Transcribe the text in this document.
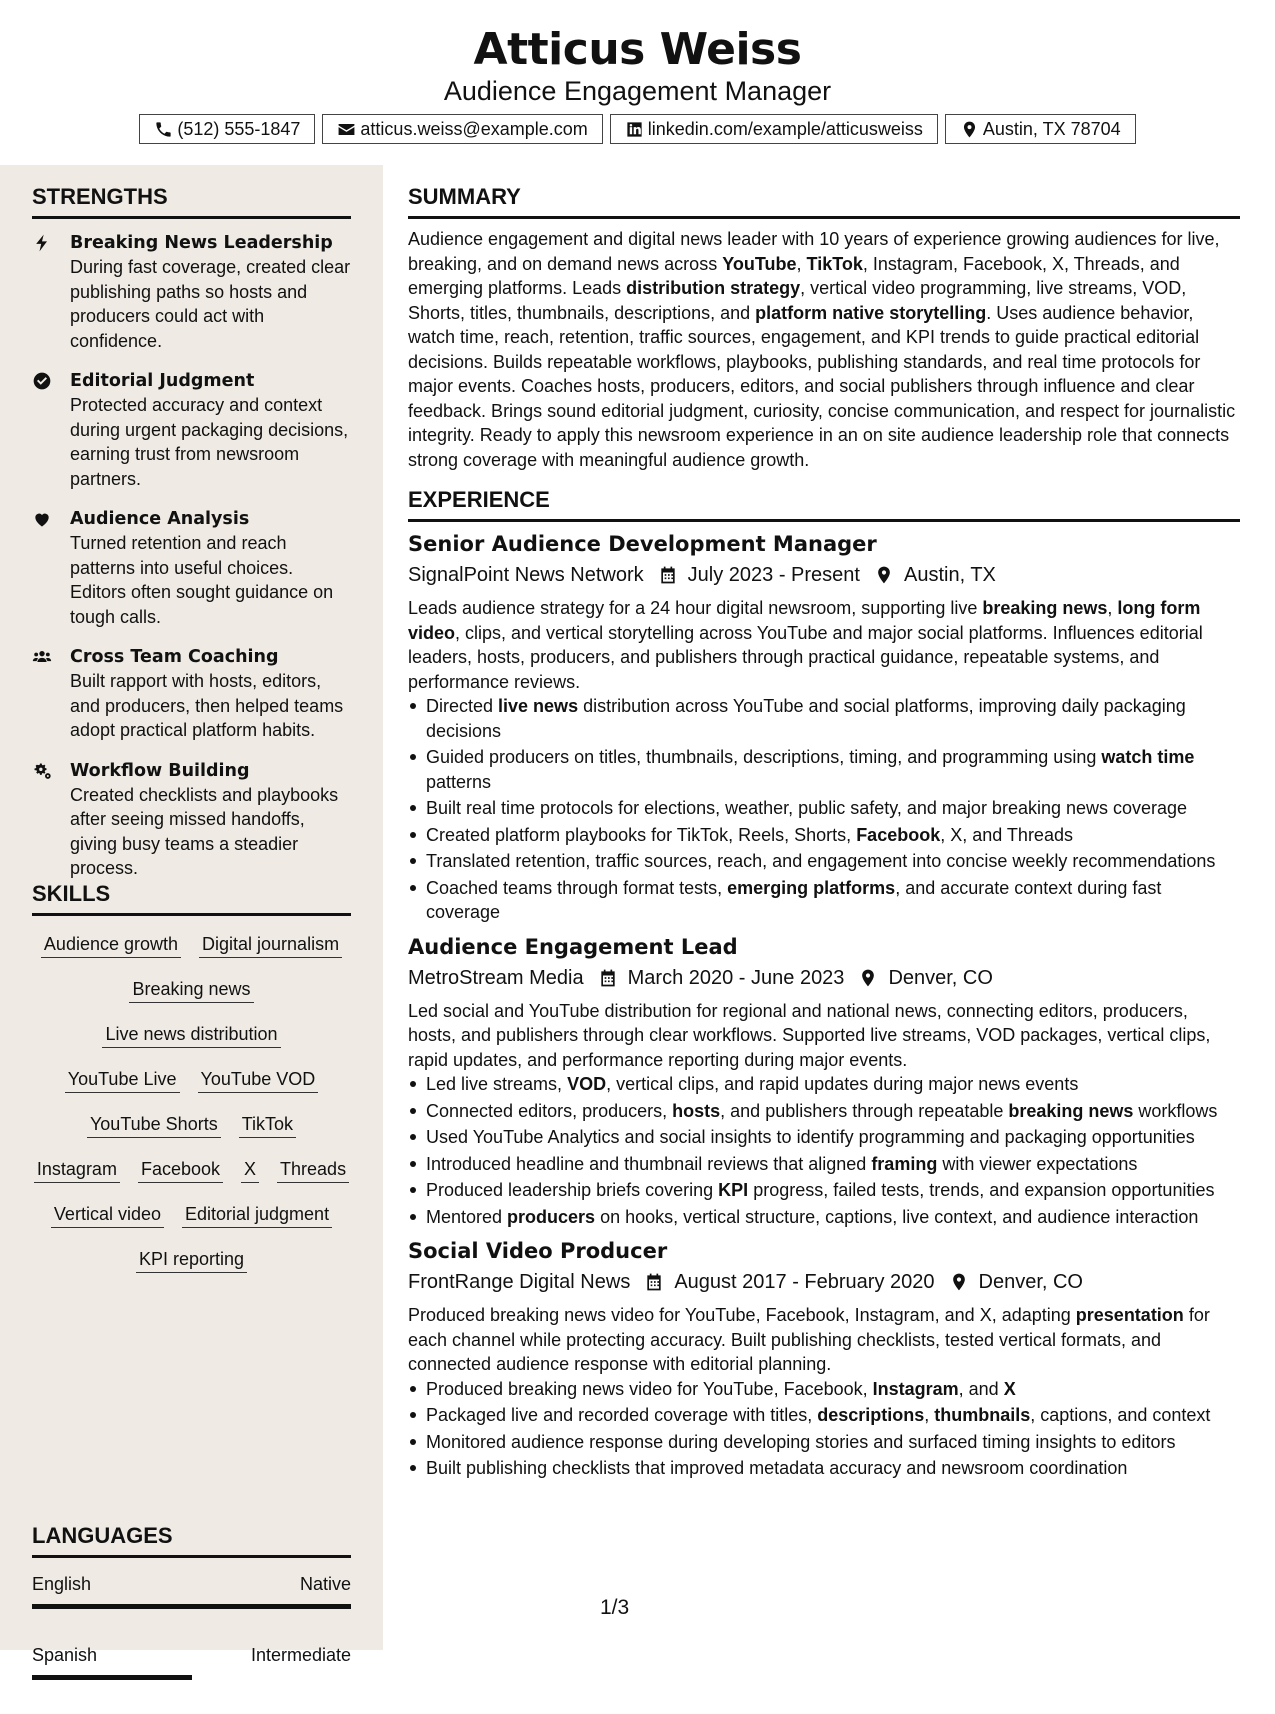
Atticus Weiss
Audience Engagement Manager
(512) 555-1847	atticus.weiss@example.com	linkedin.com/example/atticusweiss	Austin, TX 78704
STRENGTHS
Breaking News Leadership
During fast coverage, created clear publishing paths so hosts and producers could act with confidence.
Editorial Judgment
Protected accuracy and context during urgent packaging decisions, earning trust from newsroom partners.
Audience Analysis
Turned retention and reach patterns into useful choices. Editors often sought guidance on tough calls.
Cross Team Coaching
Built rapport with hosts, editors, and producers, then helped teams adopt practical platform habits.
Workflow Building
Created checklists and playbooks after seeing missed handoffs, giving busy teams a steadier process.
SKILLS
Audience growth Digital journalism
Breaking news
Live news distribution
YouTube Live YouTube VOD
YouTube Shorts TikTok
Instagram Facebook X Threads
Vertical video Editorial judgment
KPI reporting
LANGUAGES
English	Native
Spanish	Intermediate
SUMMARY
Audience engagement and digital news leader with 10 years of experience growing audiences for live, breaking, and on demand news across YouTube, TikTok, Instagram, Facebook, X, Threads, and emerging platforms. Leads distribution strategy, vertical video programming, live streams, VOD, Shorts, titles, thumbnails, descriptions, and platform native storytelling. Uses audience behavior, watch time, reach, retention, traffic sources, engagement, and KPI trends to guide practical editorial decisions. Builds repeatable workflows, playbooks, publishing standards, and real time protocols for major events. Coaches hosts, producers, editors, and social publishers through influence and clear feedback. Brings sound editorial judgment, curiosity, concise communication, and respect for journalistic integrity. Ready to apply this newsroom experience in an on site audience leadership role that connects strong coverage with meaningful audience growth.
EXPERIENCE
Senior Audience Development Manager
SignalPoint News Network July 2023 - Present Austin, TX
Leads audience strategy for a 24 hour digital newsroom, supporting live breaking news, long form video, clips, and vertical storytelling across YouTube and major social platforms. Influences editorial leaders, hosts, producers, and publishers through practical guidance, repeatable systems, and performance reviews.
Directed live news distribution across YouTube and social platforms, improving daily packaging decisions
Guided producers on titles, thumbnails, descriptions, timing, and programming using watch time patterns
Built real time protocols for elections, weather, public safety, and major breaking news coverage
Created platform playbooks for TikTok, Reels, Shorts, Facebook, X, and Threads
Translated retention, traffic sources, reach, and engagement into concise weekly recommendations
Coached teams through format tests, emerging platforms, and accurate context during fast coverage
Audience Engagement Lead
MetroStream Media March 2020 - June 2023 Denver, CO
Led social and YouTube distribution for regional and national news, connecting editors, producers, hosts, and publishers through clear workflows. Supported live streams, VOD packages, vertical clips, rapid updates, and performance reporting during major events.
Led live streams, VOD, vertical clips, and rapid updates during major news events
Connected editors, producers, hosts, and publishers through repeatable breaking news workflows
Used YouTube Analytics and social insights to identify programming and packaging opportunities
Introduced headline and thumbnail reviews that aligned framing with viewer expectations
Produced leadership briefs covering KPI progress, failed tests, trends, and expansion opportunities
Mentored producers on hooks, vertical structure, captions, live context, and audience interaction
Social Video Producer
FrontRange Digital News August 2017 - February 2020 Denver, CO
Produced breaking news video for YouTube, Facebook, Instagram, and X, adapting presentation for each channel while protecting accuracy. Built publishing checklists, tested vertical formats, and connected audience response with editorial planning.
Produced breaking news video for YouTube, Facebook, Instagram, and X
Packaged live and recorded coverage with titles, descriptions, thumbnails, captions, and context
Monitored audience response during developing stories and surfaced timing insights to editors
Built publishing checklists that improved metadata accuracy and newsroom coordination
1/3
